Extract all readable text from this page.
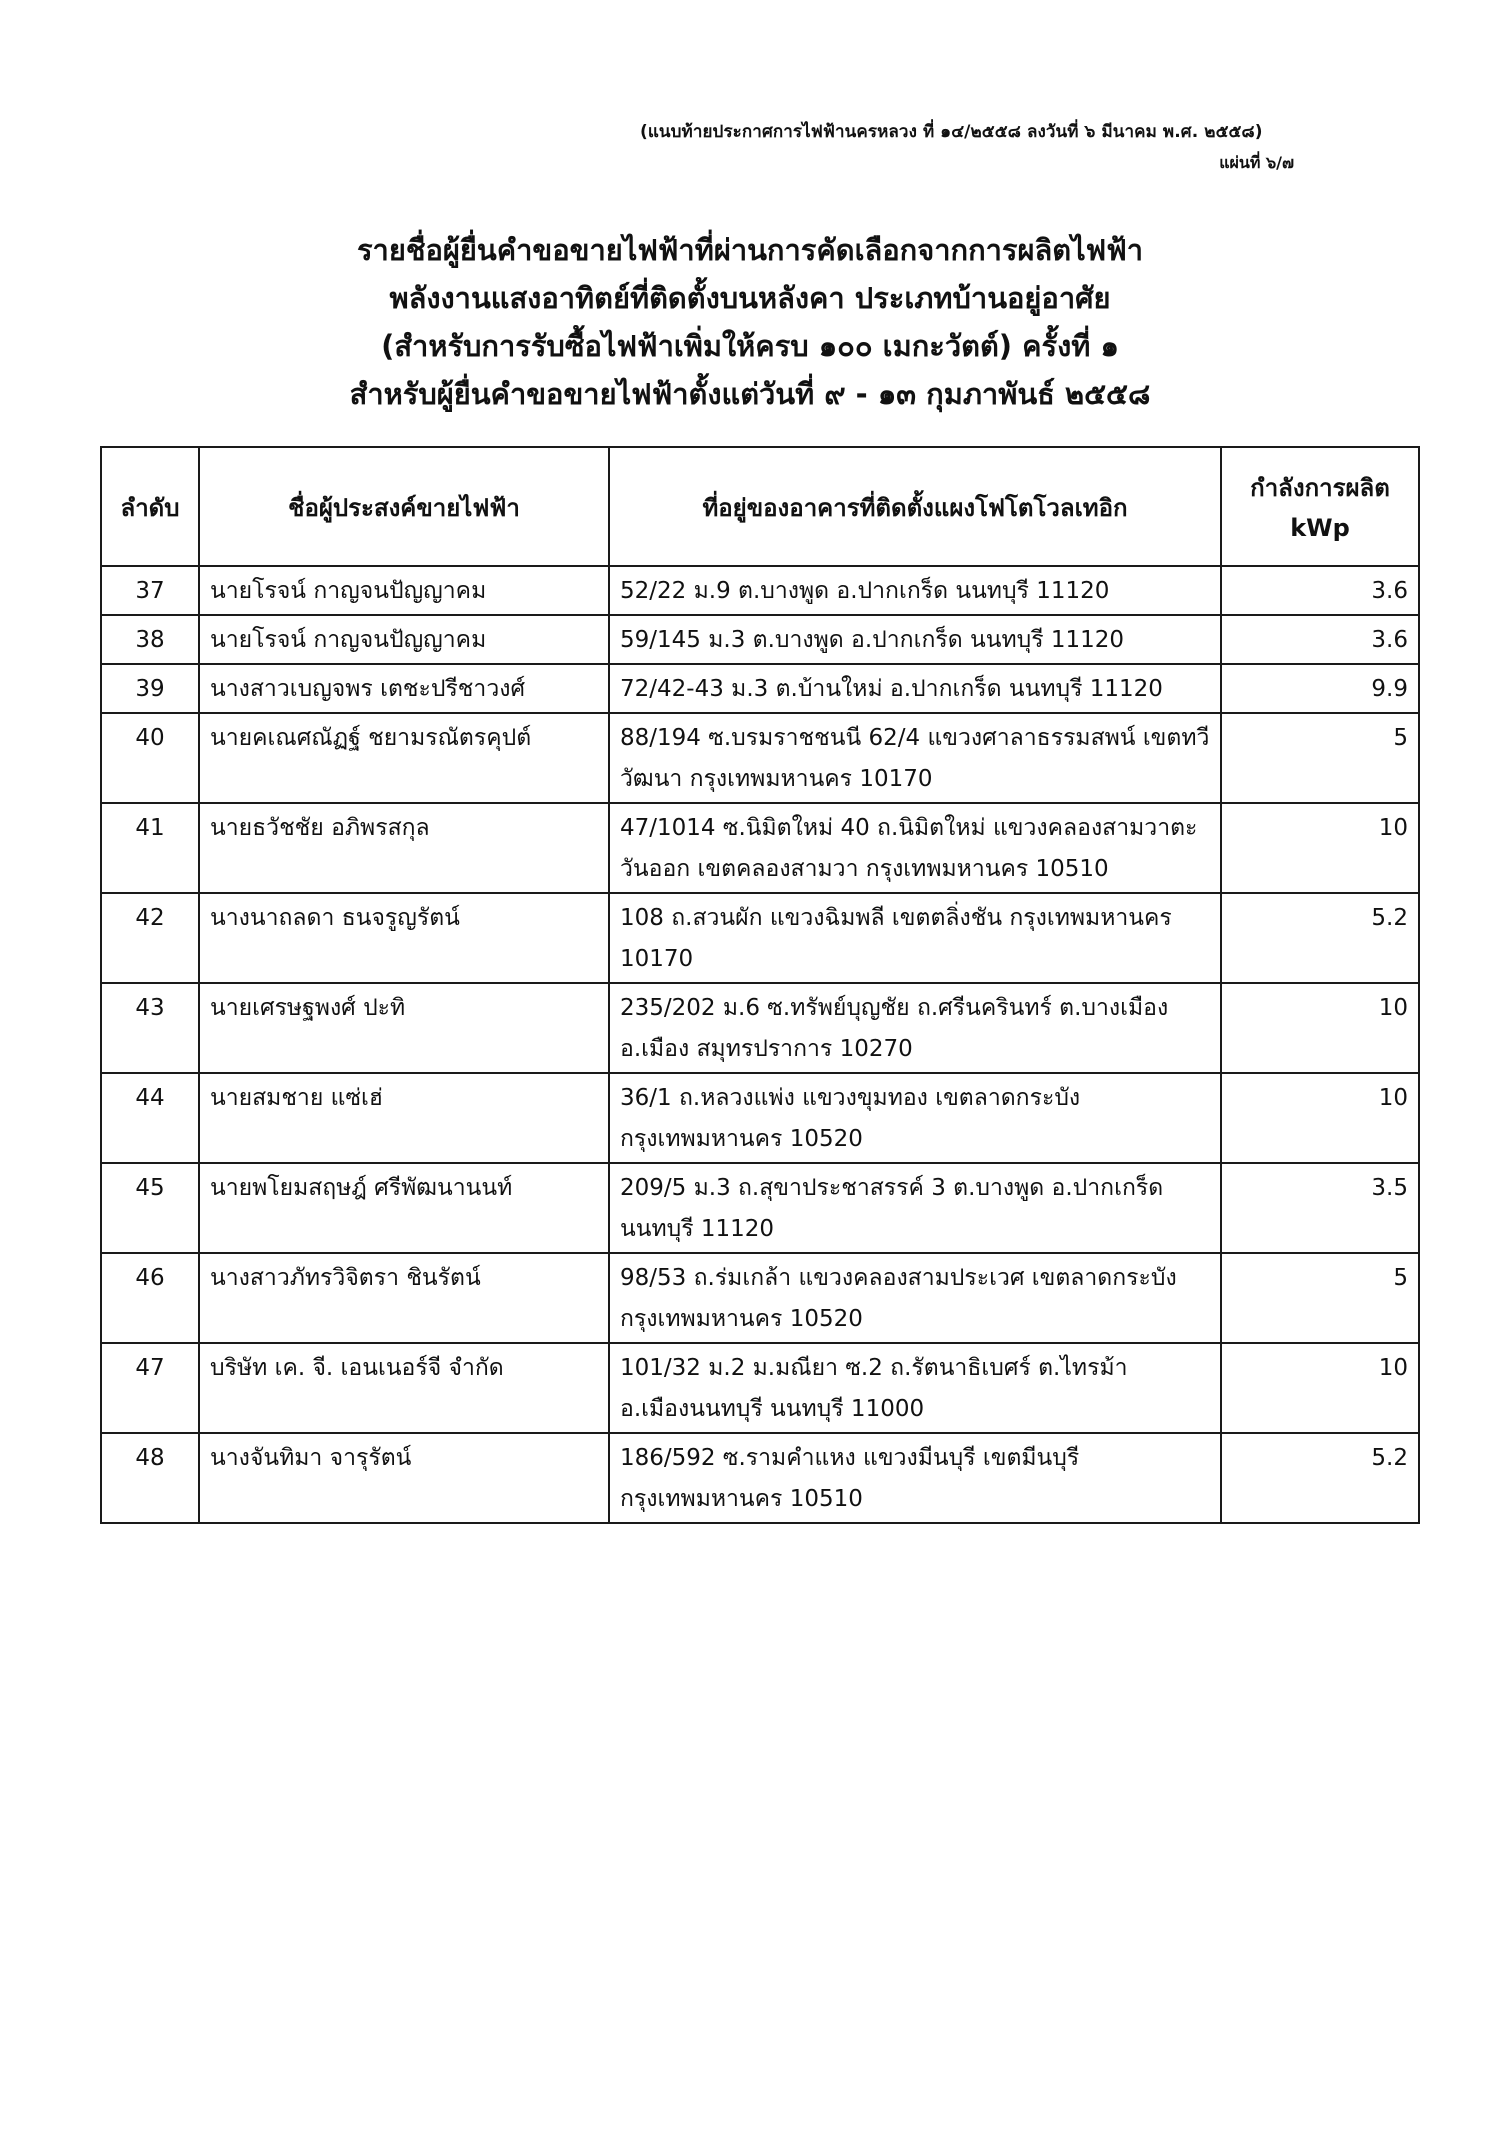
(แนบท้ายประกาศการไฟฟ้านครหลวง ที่ ๑๔/๒๕๕๘ ลงวันที่ ๖ มีนาคม พ.ศ. ๒๕๕๘)
แผ่นที่ ๖/๗
รายชื่อผู้ยื่นคำขอขายไฟฟ้าที่ผ่านการคัดเลือกจากการผลิตไฟฟ้า
พลังงานแสงอาทิตย์ที่ติดตั้งบนหลังคา ประเภทบ้านอยู่อาศัย
(สำหรับการรับซื้อไฟฟ้าเพิ่มให้ครบ ๑๐๐ เมกะวัตต์) ครั้งที่ ๑
สำหรับผู้ยื่นคำขอขายไฟฟ้าตั้งแต่วันที่ ๙ - ๑๓ กุมภาพันธ์ ๒๕๕๘
ลำดับ	ชื่อผู้ประสงค์ขายไฟฟ้า	ที่อยู่ของอาคารที่ติดตั้งแผงโฟโตโวลเทอิก	กำลังการผลิต
kWp

37	นายโรจน์ กาญจนปัญญาคม	52/22 ม.9 ต.บางพูด อ.ปากเกร็ด นนทบุรี 11120	3.6
38	นายโรจน์ กาญจนปัญญาคม	59/145 ม.3 ต.บางพูด อ.ปากเกร็ด นนทบุรี 11120	3.6
39	นางสาวเบญจพร เตชะปรีชาวงศ์	72/42-43 ม.3 ต.บ้านใหม่ อ.ปากเกร็ด นนทบุรี 11120	9.9
40	นายคเณศณัฏฐ์ ชยามรณัตรคุปต์	88/194 ซ.บรมราชชนนี 62/4 แขวงศาลาธรรมสพน์ เขตทวีวัฒนา กรุงเทพมหานคร 10170	5
41	นายธวัชชัย อภิพรสกุล	47/1014 ซ.นิมิตใหม่ 40 ถ.นิมิตใหม่ แขวงคลองสามวาตะวันออก เขตคลองสามวา กรุงเทพมหานคร 10510	10
42	นางนาถลดา ธนจรูญรัตน์	108 ถ.สวนผัก แขวงฉิมพลี เขตตลิ่งชัน กรุงเทพมหานคร 10170	5.2
43	นายเศรษฐพงศ์ ปะทิ	235/202 ม.6 ซ.ทรัพย์บุญชัย ถ.ศรีนครินทร์ ต.บางเมือง อ.เมือง สมุทรปราการ 10270	10
44	นายสมชาย แซ่เฮ่	36/1 ถ.หลวงแพ่ง แขวงขุมทอง เขตลาดกระบัง กรุงเทพมหานคร 10520	10
45	นายพโยมสฤษฎ์ ศรีพัฒนานนท์	209/5 ม.3 ถ.สุขาประชาสรรค์ 3 ต.บางพูด อ.ปากเกร็ด นนทบุรี 11120	3.5
46	นางสาวภัทรวิจิตรา ชินรัตน์	98/53 ถ.ร่มเกล้า แขวงคลองสามประเวศ เขตลาดกระบัง กรุงเทพมหานคร 10520	5
47	บริษัท เค. จี. เอนเนอร์จี จำกัด	101/32 ม.2 ม.มณียา ซ.2 ถ.รัตนาธิเบศร์ ต.ไทรม้า อ.เมืองนนทบุรี นนทบุรี 11000	10
48	นางจันทิมา จารุรัตน์	186/592 ซ.รามคำแหง แขวงมีนบุรี เขตมีนบุรี กรุงเทพมหานคร 10510	5.2
